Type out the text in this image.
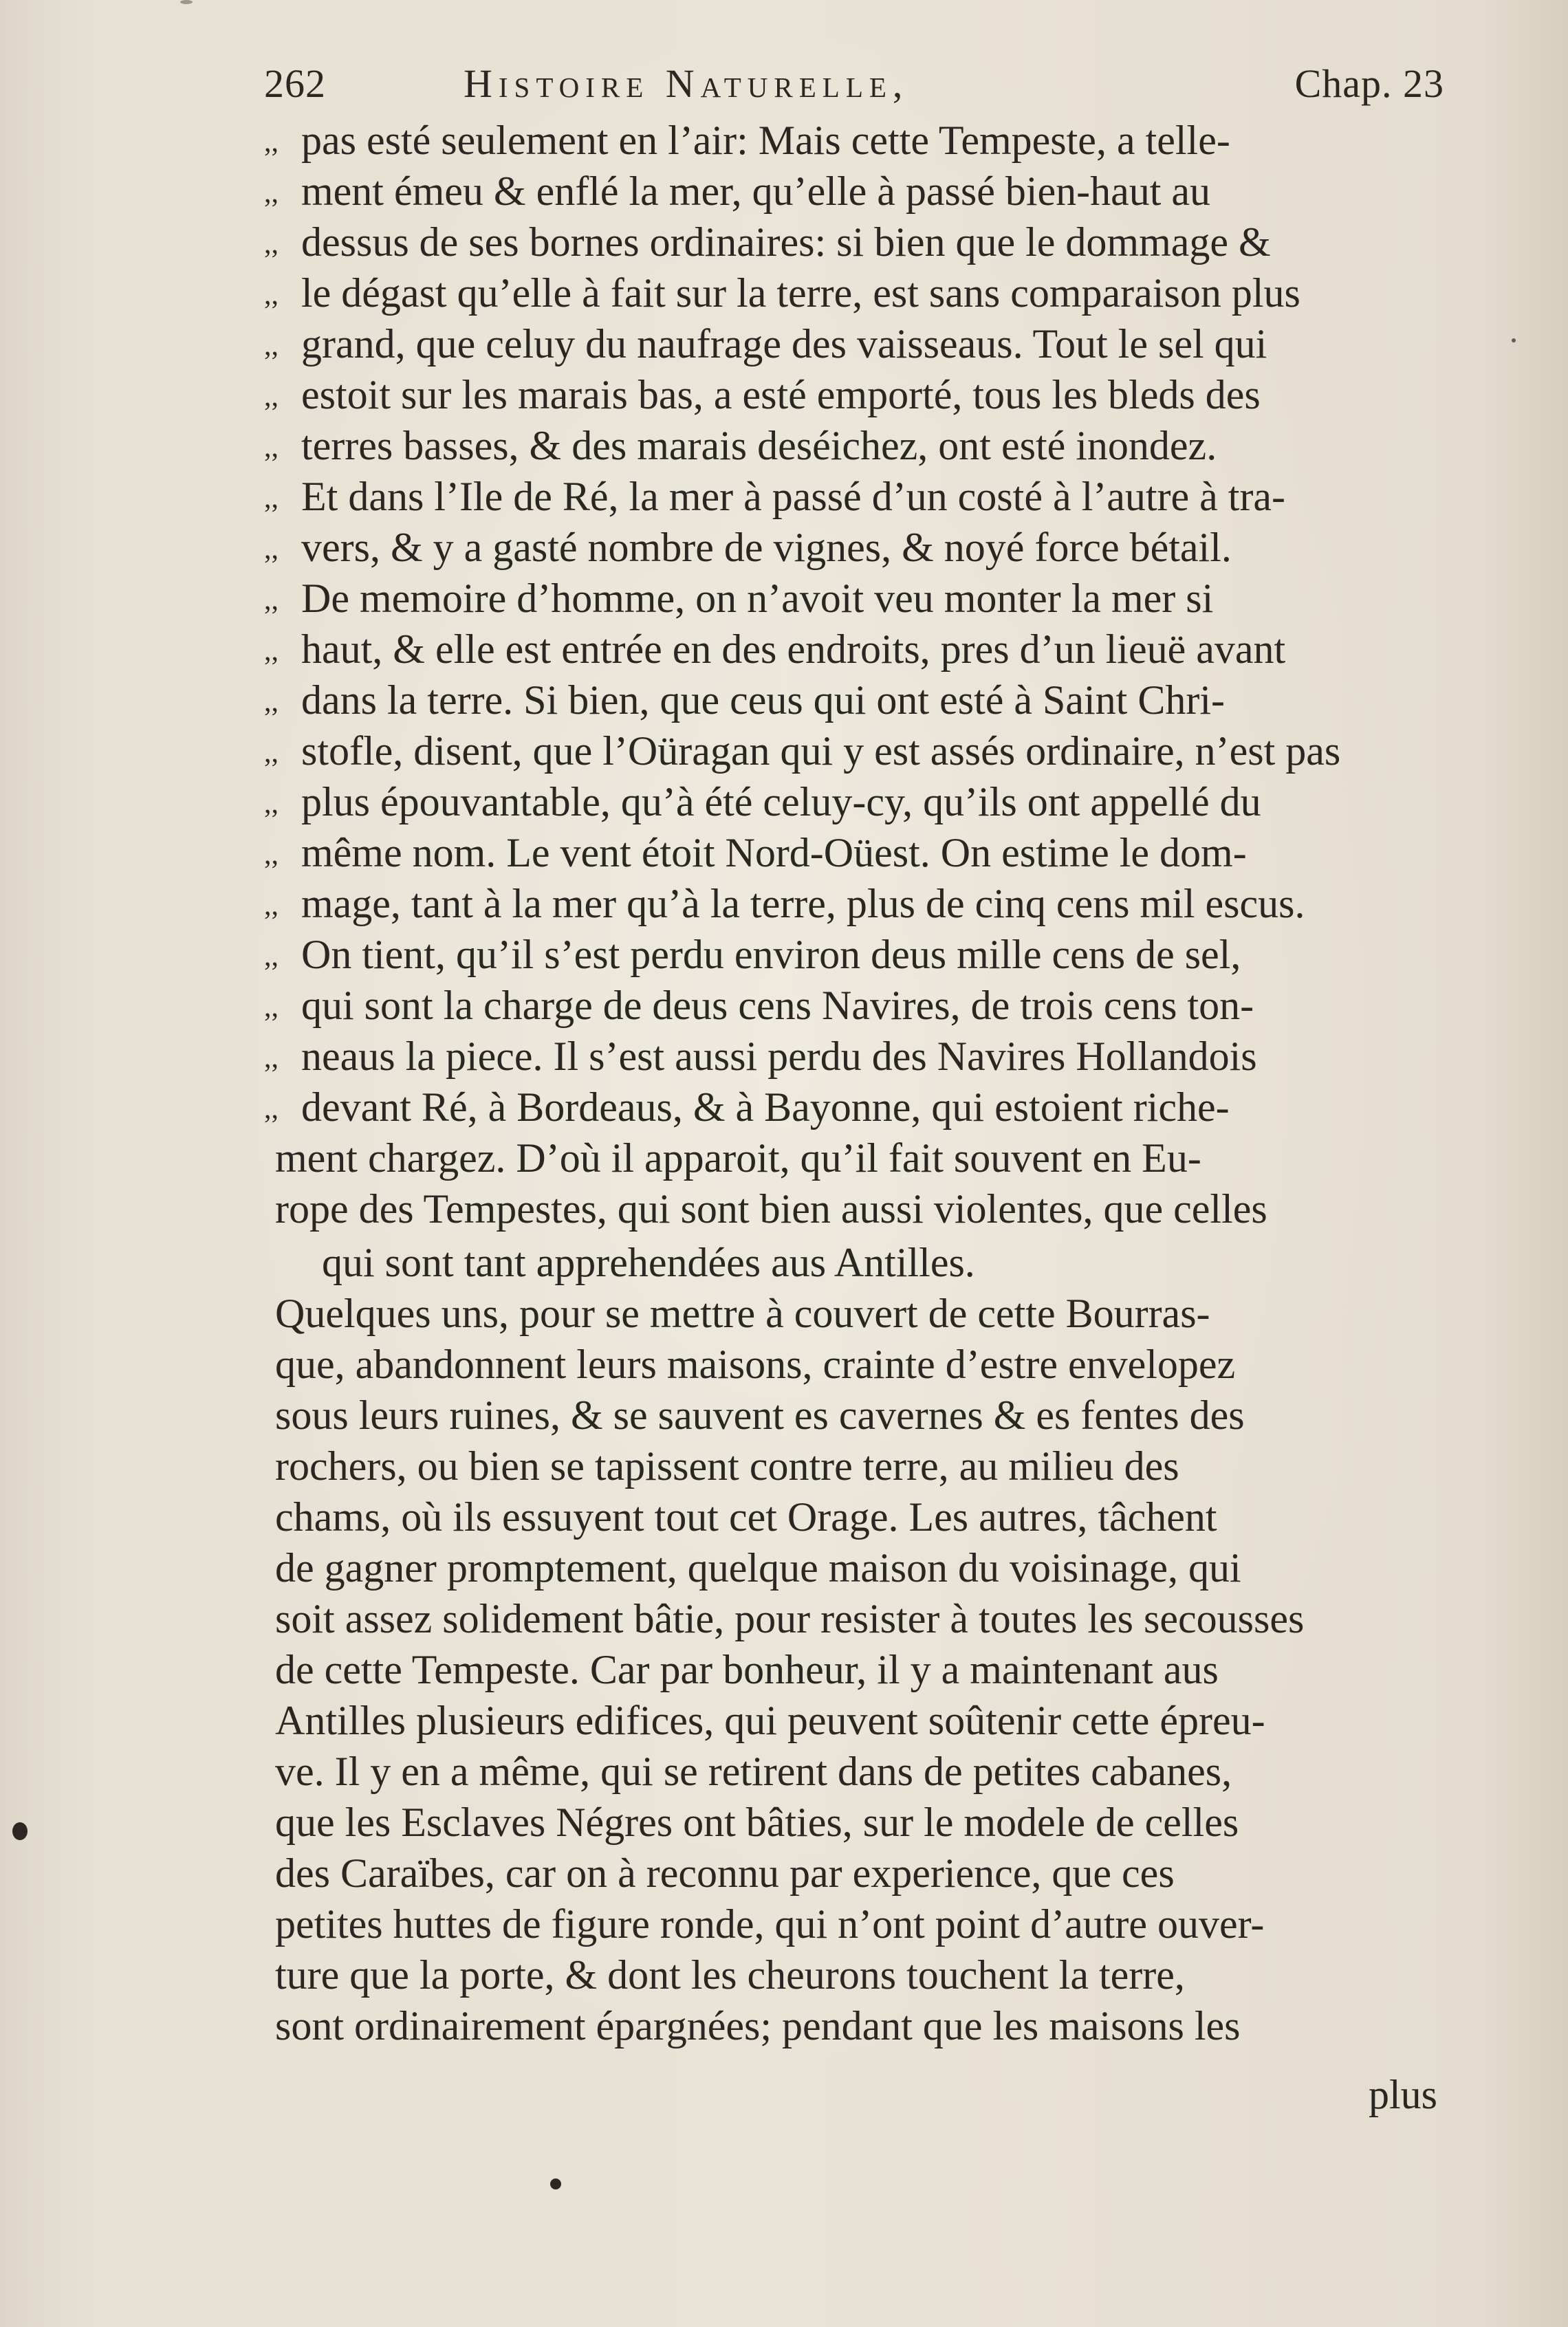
262	Histoire Naturelle,	Chap. 23
,, pas esté seulement en l’air: Mais cette Tempeste, a telle-
,, ment émeu & enflé la mer, qu’elle à passé bien-haut au
,, dessus de ses bornes ordinaires: si bien que le dommage &
,, le dégast qu’elle à fait sur la terre, est sans comparaison plus
,, grand, que celuy du naufrage des vaisseaus. Tout le sel qui
,, estoit sur les marais bas, a esté emporté, tous les bleds des
,, terres basses, & des marais deséichez, ont esté inondez.
,, Et dans l’Ile de Ré, la mer à passé d’un costé à l’autre à tra-
,, vers, & y a gasté nombre de vignes, & noyé force bétail.
,, De memoire d’homme, on n’avoit veu monter la mer si
,, haut, & elle est entrée en des endroits, pres d’un lieuë avant
,, dans la terre. Si bien, que ceus qui ont esté à Saint Chri-
,, stofle, disent, que l’Oüragan qui y est assés ordinaire, n’est pas
,, plus épouvantable, qu’à été celuy-cy, qu’ils ont appellé du
,, même nom. Le vent étoit Nord-Oüest. On estime le dom-
,, mage, tant à la mer qu’à la terre, plus de cinq cens mil escus.
,, On tient, qu’il s’est perdu environ deus mille cens de sel,
,, qui sont la charge de deus cens Navires, de trois cens ton-
,, neaus la piece. Il s’est aussi perdu des Navires Hollandois
,, devant Ré, à Bordeaus, & à Bayonne, qui estoient riche-
ment chargez. D’où il apparoit, qu’il fait souvent en Eu-
rope des Tempestes, qui sont bien aussi violentes, que celles
qui sont tant apprehendées aus Antilles.
Quelques uns, pour se mettre à couvert de cette Bourras-
que, abandonnent leurs maisons, crainte d’estre envelopez
sous leurs ruines, & se sauvent es cavernes & es fentes des
rochers, ou bien se tapissent contre terre, au milieu des
chams, où ils essuyent tout cet Orage. Les autres, tâchent
de gagner promptement, quelque maison du voisinage, qui
soit assez solidement bâtie, pour resister à toutes les secousses
de cette Tempeste. Car par bonheur, il y a maintenant aus
Antilles plusieurs edifices, qui peuvent soûtenir cette épreu-
ve. Il y en a même, qui se retirent dans de petites cabanes,
que les Esclaves Négres ont bâties, sur le modele de celles
des Caraïbes, car on à reconnu par experience, que ces
petites huttes de figure ronde, qui n’ont point d’autre ouver-
ture que la porte, & dont les cheurons touchent la terre,
sont ordinairement épargnées; pendant que les maisons les
plus
